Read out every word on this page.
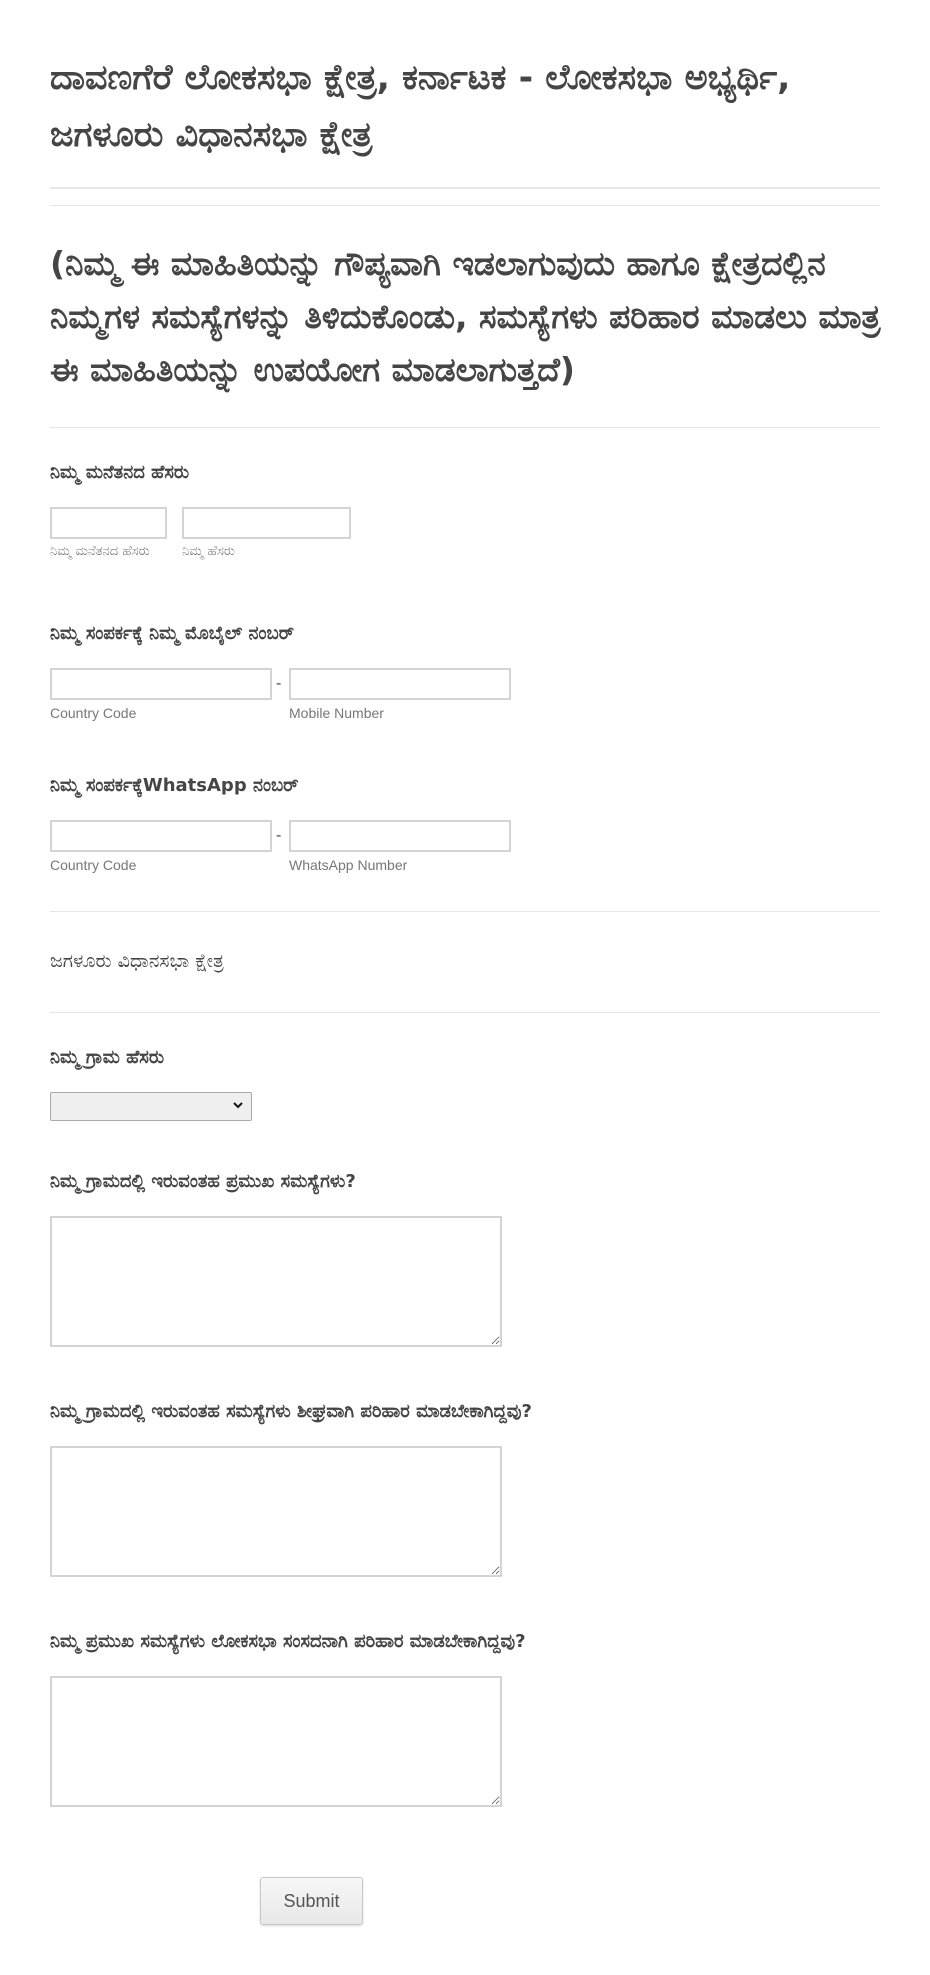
ದಾವಣಗೆರೆ ಲೋಕಸಭಾ ಕ್ಷೇತ್ರ, ಕರ್ನಾಟಕ - ಲೋಕಸಭಾ ಅಭ್ಯರ್ಥಿ, ಜಗಳೂರು ವಿಧಾನಸಭಾ ಕ್ಷೇತ್ರ
(ನಿಮ್ಮ ಈ ಮಾಹಿತಿಯನ್ನು ಗೌಪ್ಯವಾಗಿ ಇಡಲಾಗುವುದು ಹಾಗೂ ಕ್ಷೇತ್ರದಲ್ಲಿನ ನಿಮ್ಮಗಳ ಸಮಸ್ಯೆಗಳನ್ನು ತಿಳಿದುಕೊಂಡು, ಸಮಸ್ಯೆಗಳು ಪರಿಹಾರ ಮಾಡಲು ಮಾತ್ರ ಈ ಮಾಹಿತಿಯನ್ನು ಉಪಯೋಗ ಮಾಡಲಾಗುತ್ತದೆ)
ನಿಮ್ಮ ಮನೆತನದ ಹೆಸರು
ನಿಮ್ಮ ಮನೆತನದ ಹೆಸರು ನಿಮ್ಮ ಹೆಸರು
ನಿಮ್ಮ ಸಂಪರ್ಕಕ್ಕೆ ನಿಮ್ಮ ಮೊಬೈಲ್ ನಂಬರ್
-
Country Code	Mobile Number
ನಿಮ್ಮ ಸಂಪರ್ಕಕ್ಕೆWhatsApp ನಂಬರ್
-
Country Code	WhatsApp Number
ಜಗಳೂರು ವಿಧಾನಸಭಾ ಕ್ಷೇತ್ರ
ನಿಮ್ಮ ಗ್ರಾಮ ಹೆಸರು
ನಿಮ್ಮ ಗ್ರಾಮದಲ್ಲಿ ಇರುವಂತಹ ಪ್ರಮುಖ ಸಮಸ್ಯೆಗಳು?
ನಿಮ್ಮ ಗ್ರಾಮದಲ್ಲಿ ಇರುವಂತಹ ಸಮಸ್ಯೆಗಳು ಶೀಘ್ರವಾಗಿ ಪರಿಹಾರ ಮಾಡಬೇಕಾಗಿದ್ದವು?
ನಿಮ್ಮ ಪ್ರಮುಖ ಸಮಸ್ಯೆಗಳು ಲೋಕಸಭಾ ಸಂಸದನಾಗಿ ಪರಿಹಾರ ಮಾಡಬೇಕಾಗಿದ್ದವು?
Submit
